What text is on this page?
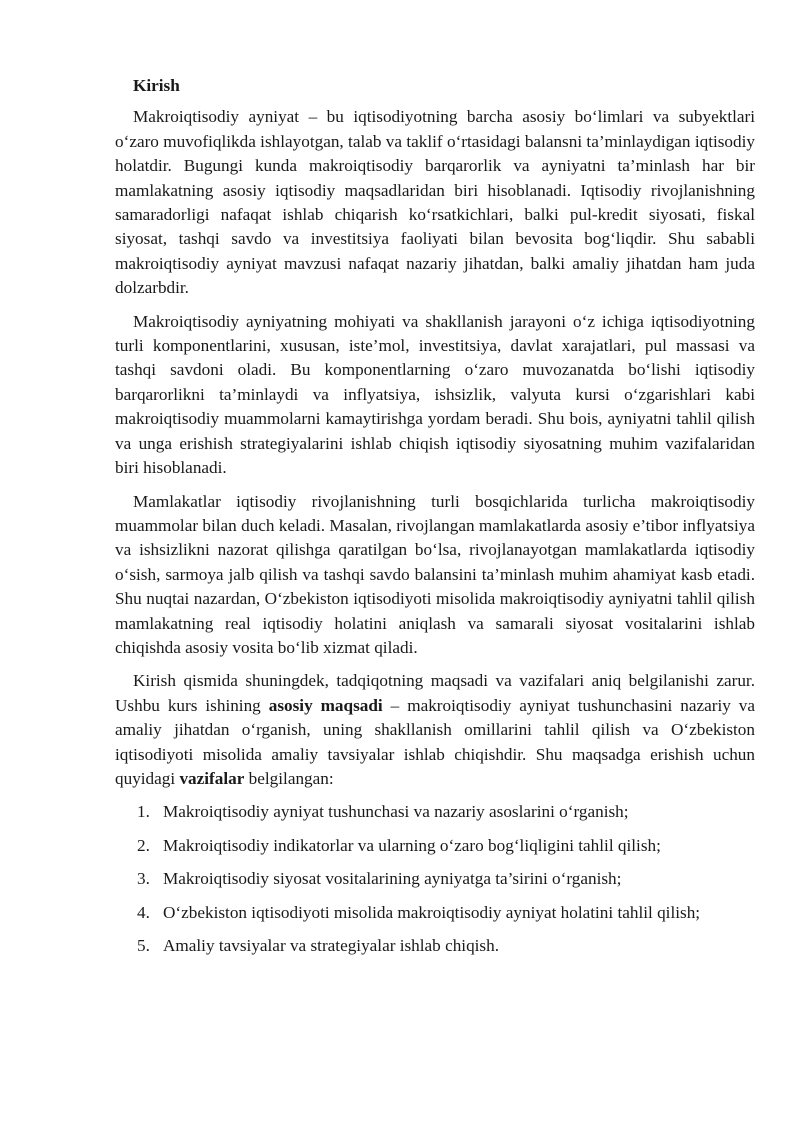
Kirish

Makroiqtisodiy ayniyat – bu iqtisodiyotning barcha asosiy bo‘limlari va subyektlari o‘zaro muvofiqlikda ishlayotgan, talab va taklif o‘rtasidagi balansni ta’minlaydigan iqtisodiy holatdir. Bugungi kunda makroiqtisodiy barqarorlik va ayniyatni ta’minlash har bir mamlakatning asosiy iqtisodiy maqsadlaridan biri hisoblanadi. Iqtisodiy rivojlanishning samaradorligi nafaqat ishlab chiqarish ko‘rsatkichlari, balki pul-kredit siyosati, fiskal siyosat, tashqi savdo va investitsiya faoliyati bilan bevosita bog‘liqdir. Shu sababli makroiqtisodiy ayniyat mavzusi nafaqat nazariy jihatdan, balki amaliy jihatdan ham juda dolzarbdir.

Makroiqtisodiy ayniyatning mohiyati va shakllanish jarayoni o‘z ichiga iqtisodiyotning turli komponentlarini, xususan, iste’mol, investitsiya, davlat xarajatlari, pul massasi va tashqi savdoni oladi. Bu komponentlarning o‘zaro muvozanatda bo‘lishi iqtisodiy barqarorlikni ta’minlaydi va inflyatsiya, ishsizlik, valyuta kursi o‘zgarishlari kabi makroiqtisodiy muammolarni kamaytirishga yordam beradi. Shu bois, ayniyatni tahlil qilish va unga erishish strategiyalarini ishlab chiqish iqtisodiy siyosatning muhim vazifalaridan biri hisoblanadi.

Mamlakatlar iqtisodiy rivojlanishning turli bosqichlarida turlicha makroiqtisodiy muammolar bilan duch keladi. Masalan, rivojlangan mamlakatlarda asosiy e’tibor inflyatsiya va ishsizlikni nazorat qilishga qaratilgan bo‘lsa, rivojlanayotgan mamlakatlarda iqtisodiy o‘sish, sarmoya jalb qilish va tashqi savdo balansini ta’minlash muhim ahamiyat kasb etadi. Shu nuqtai nazardan, O‘zbekiston iqtisodiyoti misolida makroiqtisodiy ayniyatni tahlil qilish mamlakatning real iqtisodiy holatini aniqlash va samarali siyosat vositalarini ishlab chiqishda asosiy vosita bo‘lib xizmat qiladi.

Kirish qismida shuningdek, tadqiqotning maqsadi va vazifalari aniq belgilanishi zarur. Ushbu kurs ishining asosiy maqsadi – makroiqtisodiy ayniyat tushunchasini nazariy va amaliy jihatdan o‘rganish, uning shakllanish omillarini tahlil qilish va O‘zbekiston iqtisodiyoti misolida amaliy tavsiyalar ishlab chiqishdir. Shu maqsadga erishish uchun quyidagi vazifalar belgilangan:

1. Makroiqtisodiy ayniyat tushunchasi va nazariy asoslarini o‘rganish;
2. Makroiqtisodiy indikatorlar va ularning o‘zaro bog‘liqligini tahlil qilish;
3. Makroiqtisodiy siyosat vositalarining ayniyatga ta’sirini o‘rganish;
4. O‘zbekiston iqtisodiyoti misolida makroiqtisodiy ayniyat holatini tahlil qilish;
5. Amaliy tavsiyalar va strategiyalar ishlab chiqish.
